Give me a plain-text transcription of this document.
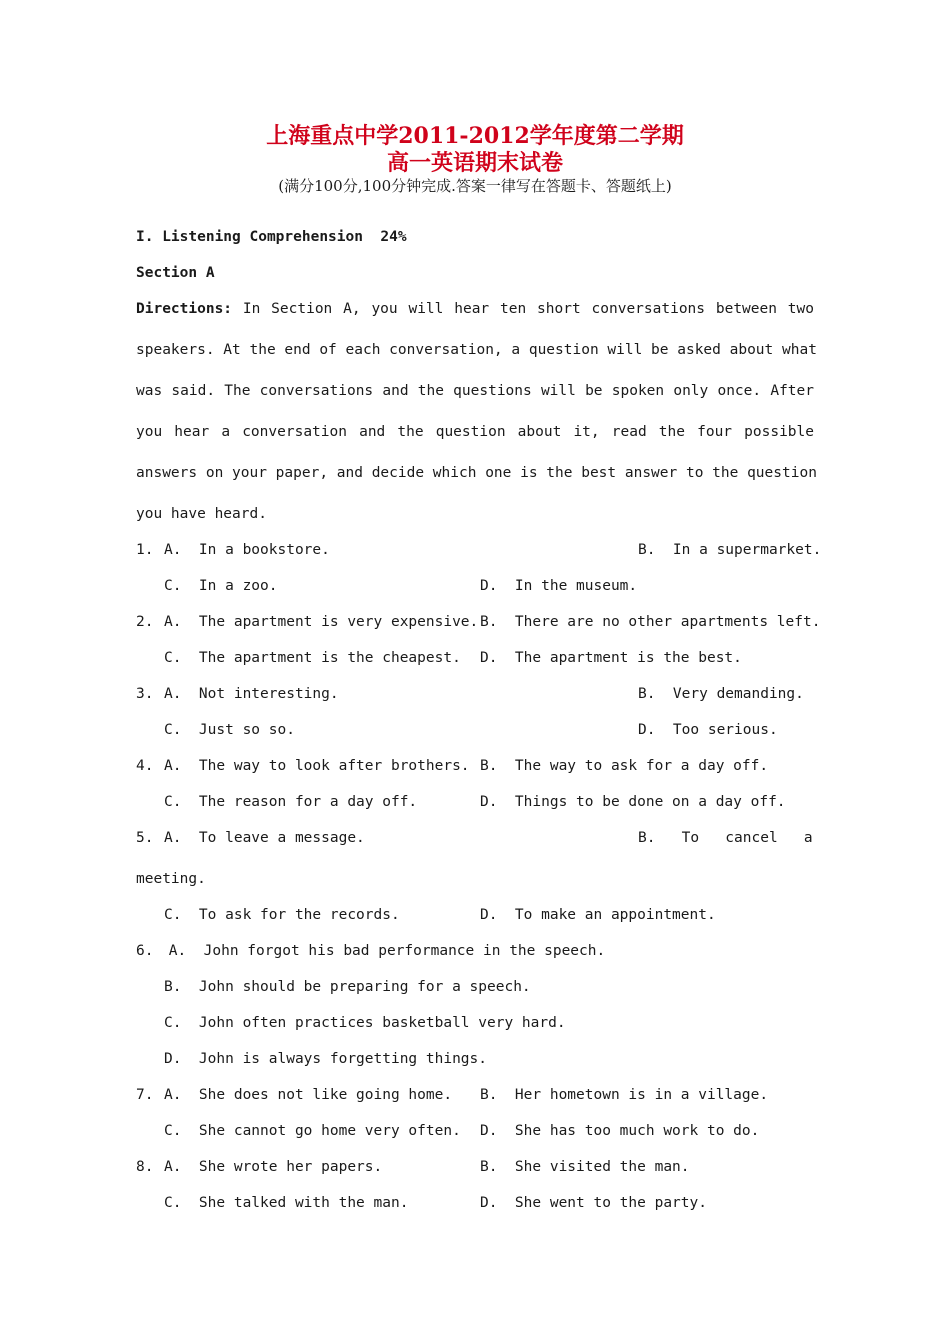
上海重点中学2011-2012学年度第二学期
高一英语期末试卷
(满分100分,100分钟完成.答案一律写在答题卡、答题纸上)
I. Listening Comprehension  24%
Section A
Directions: In Section A, you will hear ten short conversations between two
speakers. At the end of each conversation, a question will be asked about what
was said. The conversations and the questions will be spoken only once. After
you hear a conversation and the question about it, read the four possible
answers on your paper, and decide which one is the best answer to the question
you have heard.
1. A.  In a bookstore.	B.  In a supermarket.
C.  In a zoo.	D.  In the museum.
2. A.  The apartment is very expensive. B.  There are no other apartments left.
C.  The apartment is the cheapest. D.  The apartment is the best.
3. A.  Not interesting.	B.  Very demanding.
C.  Just so so.	D.  Too serious.
4. A.  The way to look after brothers. B.  The way to ask for a day off.
C.  The reason for a day off.	D.  Things to be done on a day off.
5. A.  To leave a message.	B.   To   cancel   a
meeting.
C.  To ask for the records.	D.  To make an appointment.
6. A.  John forgot his bad performance in the speech.
B.  John should be preparing for a speech.
C.  John often practices basketball very hard.
D.  John is always forgetting things.
7. A.  She does not like going home. B.  Her hometown is in a village.
C.  She cannot go home very often. D.  She has too much work to do.
8. A.  She wrote her papers.	B.  She visited the man.
C.  She talked with the man.	D.  She went to the party.
